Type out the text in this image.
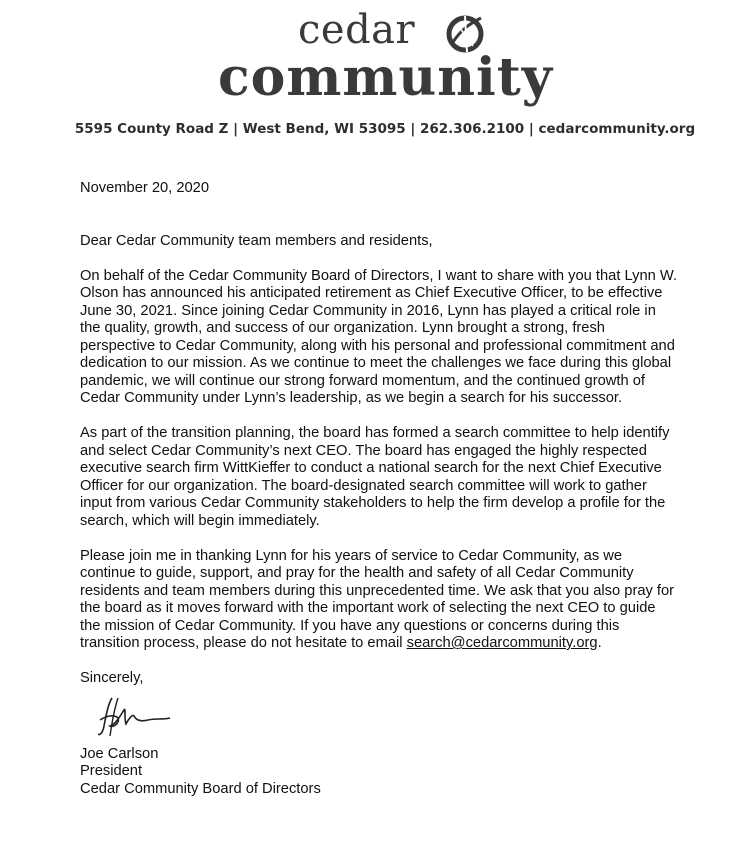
cedar
community
5595 County Road Z | West Bend, WI 53095 | 262.306.2100 | cedarcommunity.org

November 20, 2020

Dear Cedar Community team members and residents,

On behalf of the Cedar Community Board of Directors, I want to share with you that Lynn W. Olson has announced his anticipated retirement as Chief Executive Officer, to be effective June 30, 2021. Since joining Cedar Community in 2016, Lynn has played a critical role in the quality, growth, and success of our organization. Lynn brought a strong, fresh perspective to Cedar Community, along with his personal and professional commitment and dedication to our mission. As we continue to meet the challenges we face during this global pandemic, we will continue our strong forward momentum, and the continued growth of Cedar Community under Lynn’s leadership, as we begin a search for his successor.

As part of the transition planning, the board has formed a search committee to help identify and select Cedar Community’s next CEO. The board has engaged the highly respected executive search firm WittKieffer to conduct a national search for the next Chief Executive Officer for our organization. The board-designated search committee will work to gather input from various Cedar Community stakeholders to help the firm develop a profile for the search, which will begin immediately.

Please join me in thanking Lynn for his years of service to Cedar Community, as we continue to guide, support, and pray for the health and safety of all Cedar Community residents and team members during this unprecedented time. We ask that you also pray for the board as it moves forward with the important work of selecting the next CEO to guide the mission of Cedar Community. If you have any questions or concerns during this transition process, please do not hesitate to email search@cedarcommunity.org.

Sincerely,

Joe Carlson
President
Cedar Community Board of Directors
